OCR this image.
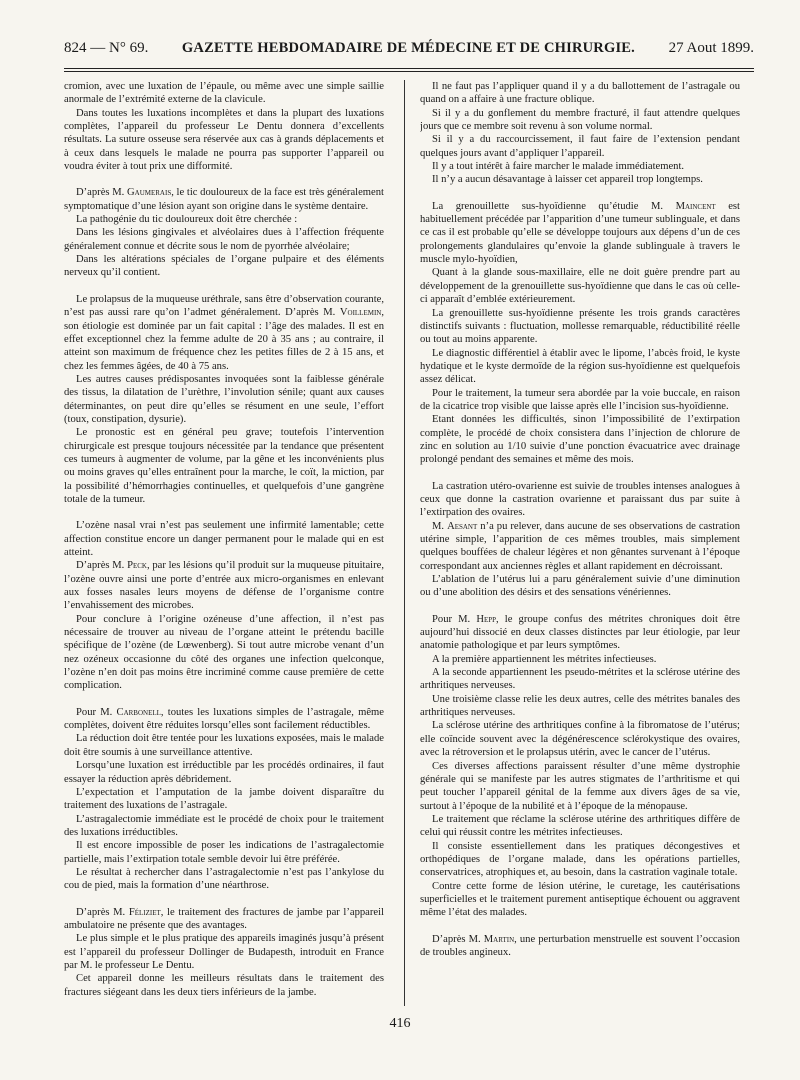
824 — N° 69. GAZETTE HEBDOMADAIRE DE MÉDECINE ET DE CHIRURGIE. 27 Aout 1899.

cromion, avec une luxation de l’épaule, ou même avec une simple saillie anormale de l’extrémité externe de la clavicule.

Dans toutes les luxations incomplètes et dans la plupart des luxations complètes, l’appareil du professeur Le Dentu donnera d’excellents résultats. La suture osseuse sera réservée aux cas à grands déplacements et à ceux dans lesquels le malade ne pourra pas supporter l’appareil ou voudra éviter à tout prix une difformité.

D’après M. Gaumerais, le tic douloureux de la face est très généralement symptomatique d’une lésion ayant son origine dans le système dentaire.

La pathogénie du tic douloureux doit être cherchée :

Dans les lésions gingivales et alvéolaires dues à l’affection fréquente généralement connue et décrite sous le nom de pyorrhée alvéolaire;

Dans les altérations spéciales de l’organe pulpaire et des éléments nerveux qu’il contient.

Le prolapsus de la muqueuse uréthrale, sans être d’observation courante, n’est pas aussi rare qu’on l’admet généralement. D’après M. Voillemin, son étiologie est dominée par un fait capital : l’âge des malades. Il est en effet exceptionnel chez la femme adulte de 20 à 35 ans ; au contraire, il atteint son maximum de fréquence chez les petites filles de 2 à 15 ans, et chez les femmes âgées, de 40 à 75 ans.

Les autres causes prédisposantes invoquées sont la faiblesse générale des tissus, la dilatation de l’urèthre, l’involution sénile; quant aux causes déterminantes, on peut dire qu’elles se résument en une seule, l’effort (toux, constipation, dysurie).

Le pronostic est en général peu grave; toutefois l’intervention chirurgicale est presque toujours nécessitée par la tendance que présentent ces tumeurs à augmenter de volume, par la gêne et les inconvénients plus ou moins graves qu’elles entraînent pour la marche, le coït, la miction, par la possibilité d’hémorrhagies continuelles, et quelquefois d’une gangrène totale de la tumeur.

L’ozène nasal vrai n’est pas seulement une infirmité lamentable; cette affection constitue encore un danger permanent pour le malade qui en est atteint.

D’après M. Peck, par les lésions qu’il produit sur la muqueuse pituitaire, l’ozène ouvre ainsi une porte d’entrée aux micro-organismes en enlevant aux fosses nasales leurs moyens de défense de l’organisme contre l’envahissement des microbes.

Pour conclure à l’origine ozéneuse d’une affection, il n’est pas nécessaire de trouver au niveau de l’organe atteint le prétendu bacille spécifique de l’ozène (de Lœwenberg). Si tout autre microbe venant d’un nez ozéneux occasionne du côté des organes une infection quelconque, l’ozène n’en doit pas moins être incriminé comme cause première de cette complication.

Pour M. Carbonell, toutes les luxations simples de l’astragale, même complètes, doivent être réduites lorsqu’elles sont facilement réductibles.

La réduction doit être tentée pour les luxations exposées, mais le malade doit être soumis à une surveillance attentive.

Lorsqu’une luxation est irréductible par les procédés ordinaires, il faut essayer la réduction après débridement.

L’expectation et l’amputation de la jambe doivent disparaître du traitement des luxations de l’astragale.

L’astragalectomie immédiate est le procédé de choix pour le traitement des luxations irréductibles.

Il est encore impossible de poser les indications de l’astragalectomie partielle, mais l’extirpation totale semble devoir lui être préférée.

Le résultat à rechercher dans l’astragalectomie n’est pas l’ankylose du cou de pied, mais la formation d’une néarthrose.

D’après M. Féliziet, le traitement des fractures de jambe par l’appareil ambulatoire ne présente que des avantages.

Le plus simple et le plus pratique des appareils imaginés jusqu’à présent est l’appareil du professeur Dollinger de Budapesth, introduit en France par M. le professeur Le Dentu.

Cet appareil donne les meilleurs résultats dans le traitement des fractures siégeant dans les deux tiers inférieurs de la jambe.

Il ne faut pas l’appliquer quand il y a du ballottement de l’astragale ou quand on a affaire à une fracture oblique.

Si il y a du gonflement du membre fracturé, il faut attendre quelques jours que ce membre soit revenu à son volume normal.

Si il y a du raccourcissement, il faut faire de l’extension pendant quelques jours avant d’appliquer l’appareil.

Il y a tout intérêt à faire marcher le malade immédiatement.

Il n’y a aucun désavantage à laisser cet appareil trop longtemps.

La grenouillette sus-hyoïdienne qu’étudie M. Maincent est habituellement précédée par l’apparition d’une tumeur sublinguale, et dans ce cas il est probable qu’elle se développe toujours aux dépens d’un de ces prolongements glandulaires qu’envoie la glande sublinguale à travers le muscle mylo-hyoïdien,

Quant à la glande sous-maxillaire, elle ne doit guère prendre part au développement de la grenouillette sus-hyoïdienne que dans le cas où celle-ci apparaît d’emblée extérieurement.

La grenouillette sus-hyoïdienne présente les trois grands caractères distinctifs suivants : fluctuation, mollesse remarquable, réductibilité réelle ou tout au moins apparente.

Le diagnostic différentiel à établir avec le lipome, l’abcès froid, le kyste hydatique et le kyste dermoïde de la région sus-hyoïdienne est quelquefois assez délicat.

Pour le traitement, la tumeur sera abordée par la voie buccale, en raison de la cicatrice trop visible que laisse après elle l’incision sus-hyoïdienne.

Etant données les difficultés, sinon l’impossibilité de l’extirpation complète, le procédé de choix consistera dans l’injection de chlorure de zinc en solution au 1/10 suivie d’une ponction évacuatrice avec drainage prolongé pendant des semaines et même des mois.

La castration utéro-ovarienne est suivie de troubles intenses analogues à ceux que donne la castration ovarienne et paraissant dus par suite à l’extirpation des ovaires.

M. Aesant n’a pu relever, dans aucune de ses observations de castration utérine simple, l’apparition de ces mêmes troubles, mais simplement quelques bouffées de chaleur légères et non gênantes survenant à l’époque correspondant aux anciennes règles et allant rapidement en décroissant.

L’ablation de l’utérus lui a paru généralement suivie d’une diminution ou d’une abolition des désirs et des sensations vénériennes.

Pour M. Hepp, le groupe confus des métrites chroniques doit être aujourd’hui dissocié en deux classes distinctes par leur étiologie, par leur anatomie pathologique et par leurs symptômes.

A la première appartiennent les métrites infectieuses.

A la seconde appartiennent les pseudo-métrites et la sclérose utérine des arthritiques nerveuses.

Une troisième classe relie les deux autres, celle des métrites banales des arthritiques nerveuses.

La sclérose utérine des arthritiques confine à la fibromatose de l’utérus; elle coïncide souvent avec la dégénérescence sclérokystique des ovaires, avec la rétroversion et le prolapsus utérin, avec le cancer de l’utérus.

Ces diverses affections paraissent résulter d’une même dystrophie générale qui se manifeste par les autres stigmates de l’arthritisme et qui peut toucher l’appareil génital de la femme aux divers âges de sa vie, surtout à l’époque de la nubilité et à l’époque de la ménopause.

Le traitement que réclame la sclérose utérine des arthritiques diffère de celui qui réussit contre les métrites infectieuses.

Il consiste essentiellement dans les pratiques décongestives et orthopédiques de l’organe malade, dans les opérations partielles, conservatrices, atrophiques et, au besoin, dans la castration vaginale totale.

Contre cette forme de lésion utérine, le curetage, les cautérisations superficielles et le traitement purement antiseptique échouent ou aggravent même l’état des malades.

D’après M. Martin, une perturbation menstruelle est souvent l’occasion de troubles angineux.

416
